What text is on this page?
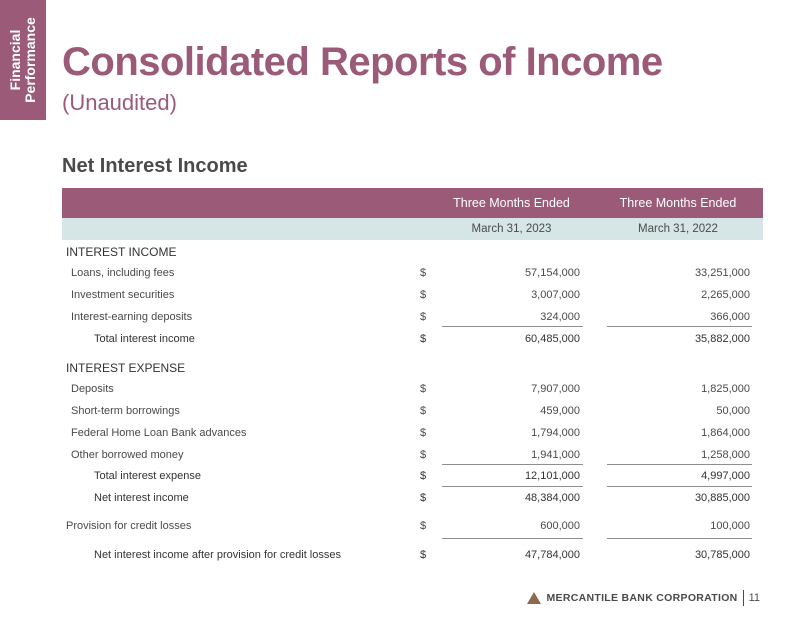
Financial Performance Consolidated Reports of Income
(Unaudited)
Net Interest Income
Three Months Ended	Three Months Ended
March 31, 2023	March 31, 2022
INTEREST INCOME
Loans, including fees	$	57,154,000	33,251,000
Investment securities	$	3,007,000	2,265,000
Interest-earning deposits	$	324,000	366,000
Total interest income	$	60,485,000	35,882,000
INTEREST EXPENSE
Deposits	$	7,907,000	1,825,000
Short-term borrowings	$	459,000	50,000
Federal Home Loan Bank advances	$	1,794,000	1,864,000
Other borrowed money	$	1,941,000	1,258,000
Total interest expense	$	12,101,000	4,997,000
Net interest income	$	48,384,000	30,885,000
Provision for credit losses	$	600,000	100,000
Net interest income after provision for credit losses	$	47,784,000	30,785,000
MERCANTILE BANK CORPORATION 11
